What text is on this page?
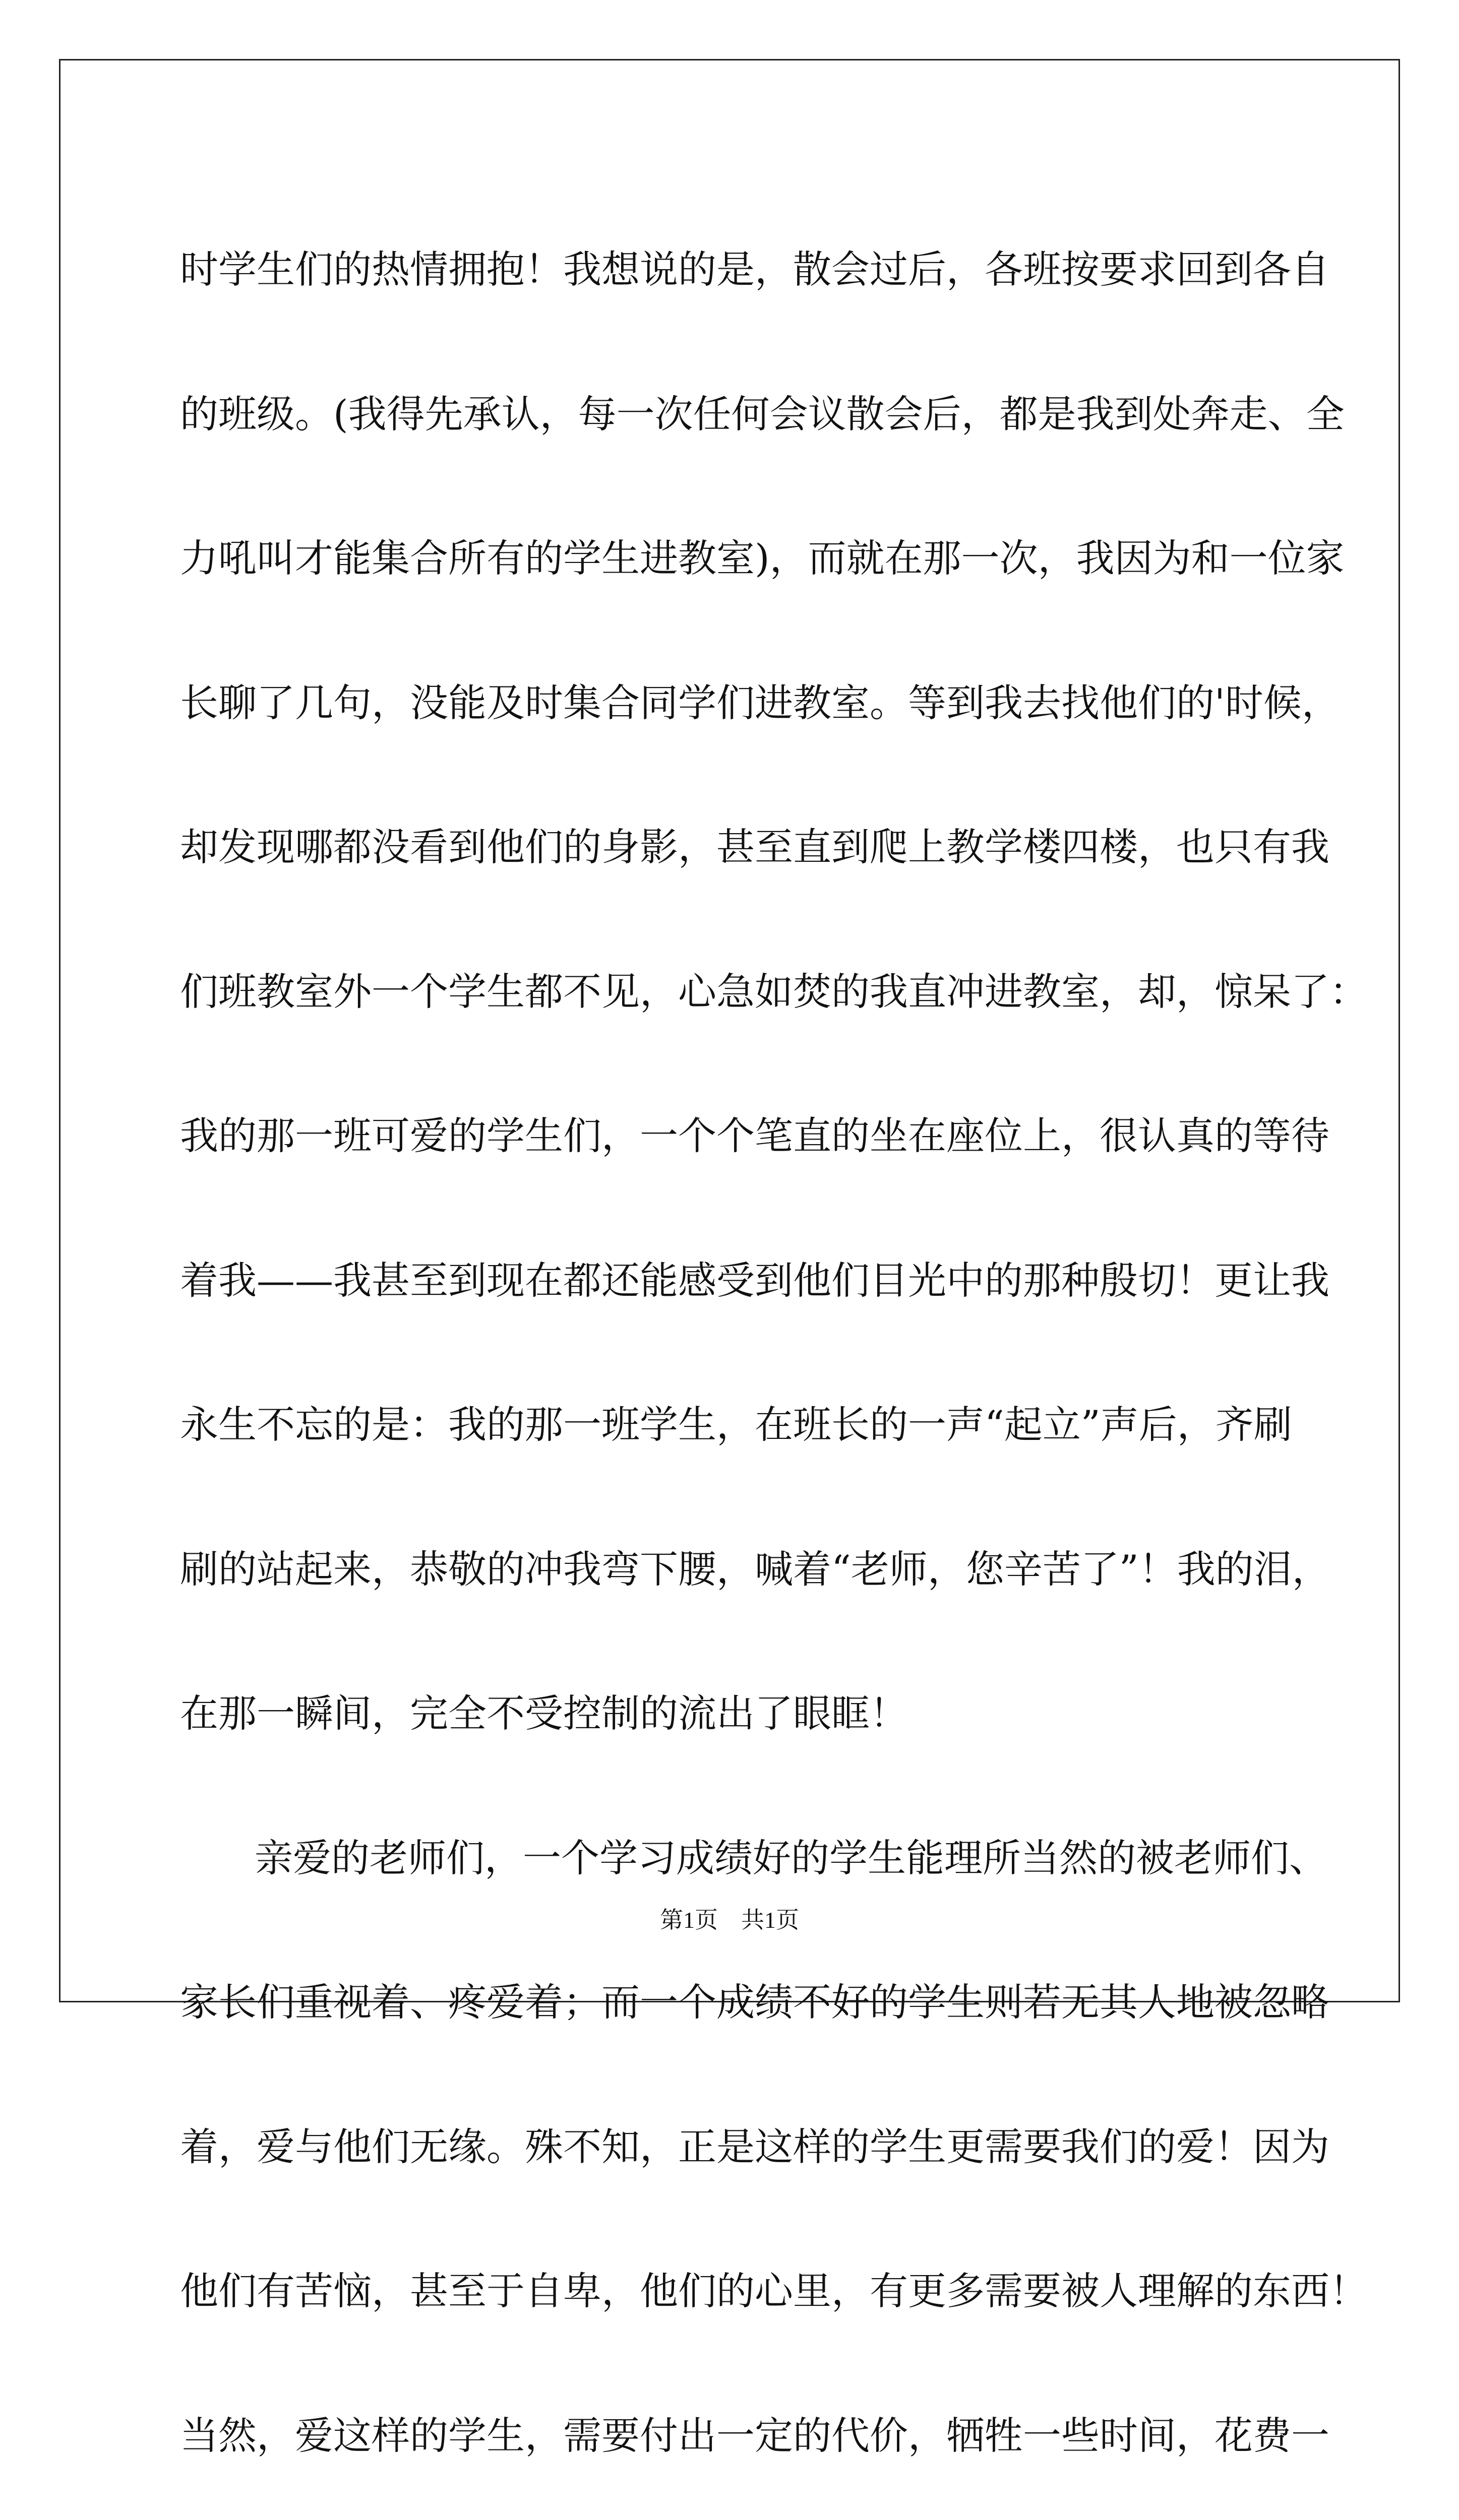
时学生们的热情拥抱！我想说的是，散会过后，各班按要求回到各自
的班级。(我得先承认，每一次任何会议散会后，都是我到处奔走、全
力吼叫才能集合所有的学生进教室)，而就在那一次，我因为和一位家
长聊了几句，没能及时集合同学们进教室。等到我去找他们的'时候，
却发现哪都没看到他们的身影，甚至直到爬上教学楼四楼，也只有我
们班教室外一个学生都不见，心急如焚的我直冲进教室，却，惊呆了：
我的那一班可爱的学生们，一个个笔直的坐在座位上，很认真的等待
着我——我甚至到现在都还能感受到他们目光中的那种殷切！更让我
永生不忘的是：我的那一班学生，在班长的一声“起立”声后，齐刷
刷的站起来，恭敬的冲我弯下腰，喊着“老师，您辛苦了”！我的泪，
在那一瞬间，完全不受控制的流出了眼眶！
亲爱的老师们，一个学习成绩好的学生能理所当然的被老师们、
家长们重视着、疼爱着；而一个成绩不好的学生则若无其人地被忽略
着，爱与他们无缘。殊不知，正是这样的学生更需要我们的爱！因为
他们有苦恼，甚至于自卑，他们的心里，有更多需要被人理解的东西！
当然，爱这样的学生，需要付出一定的代价，牺牲一些时间，花费一
第1页　共1页
